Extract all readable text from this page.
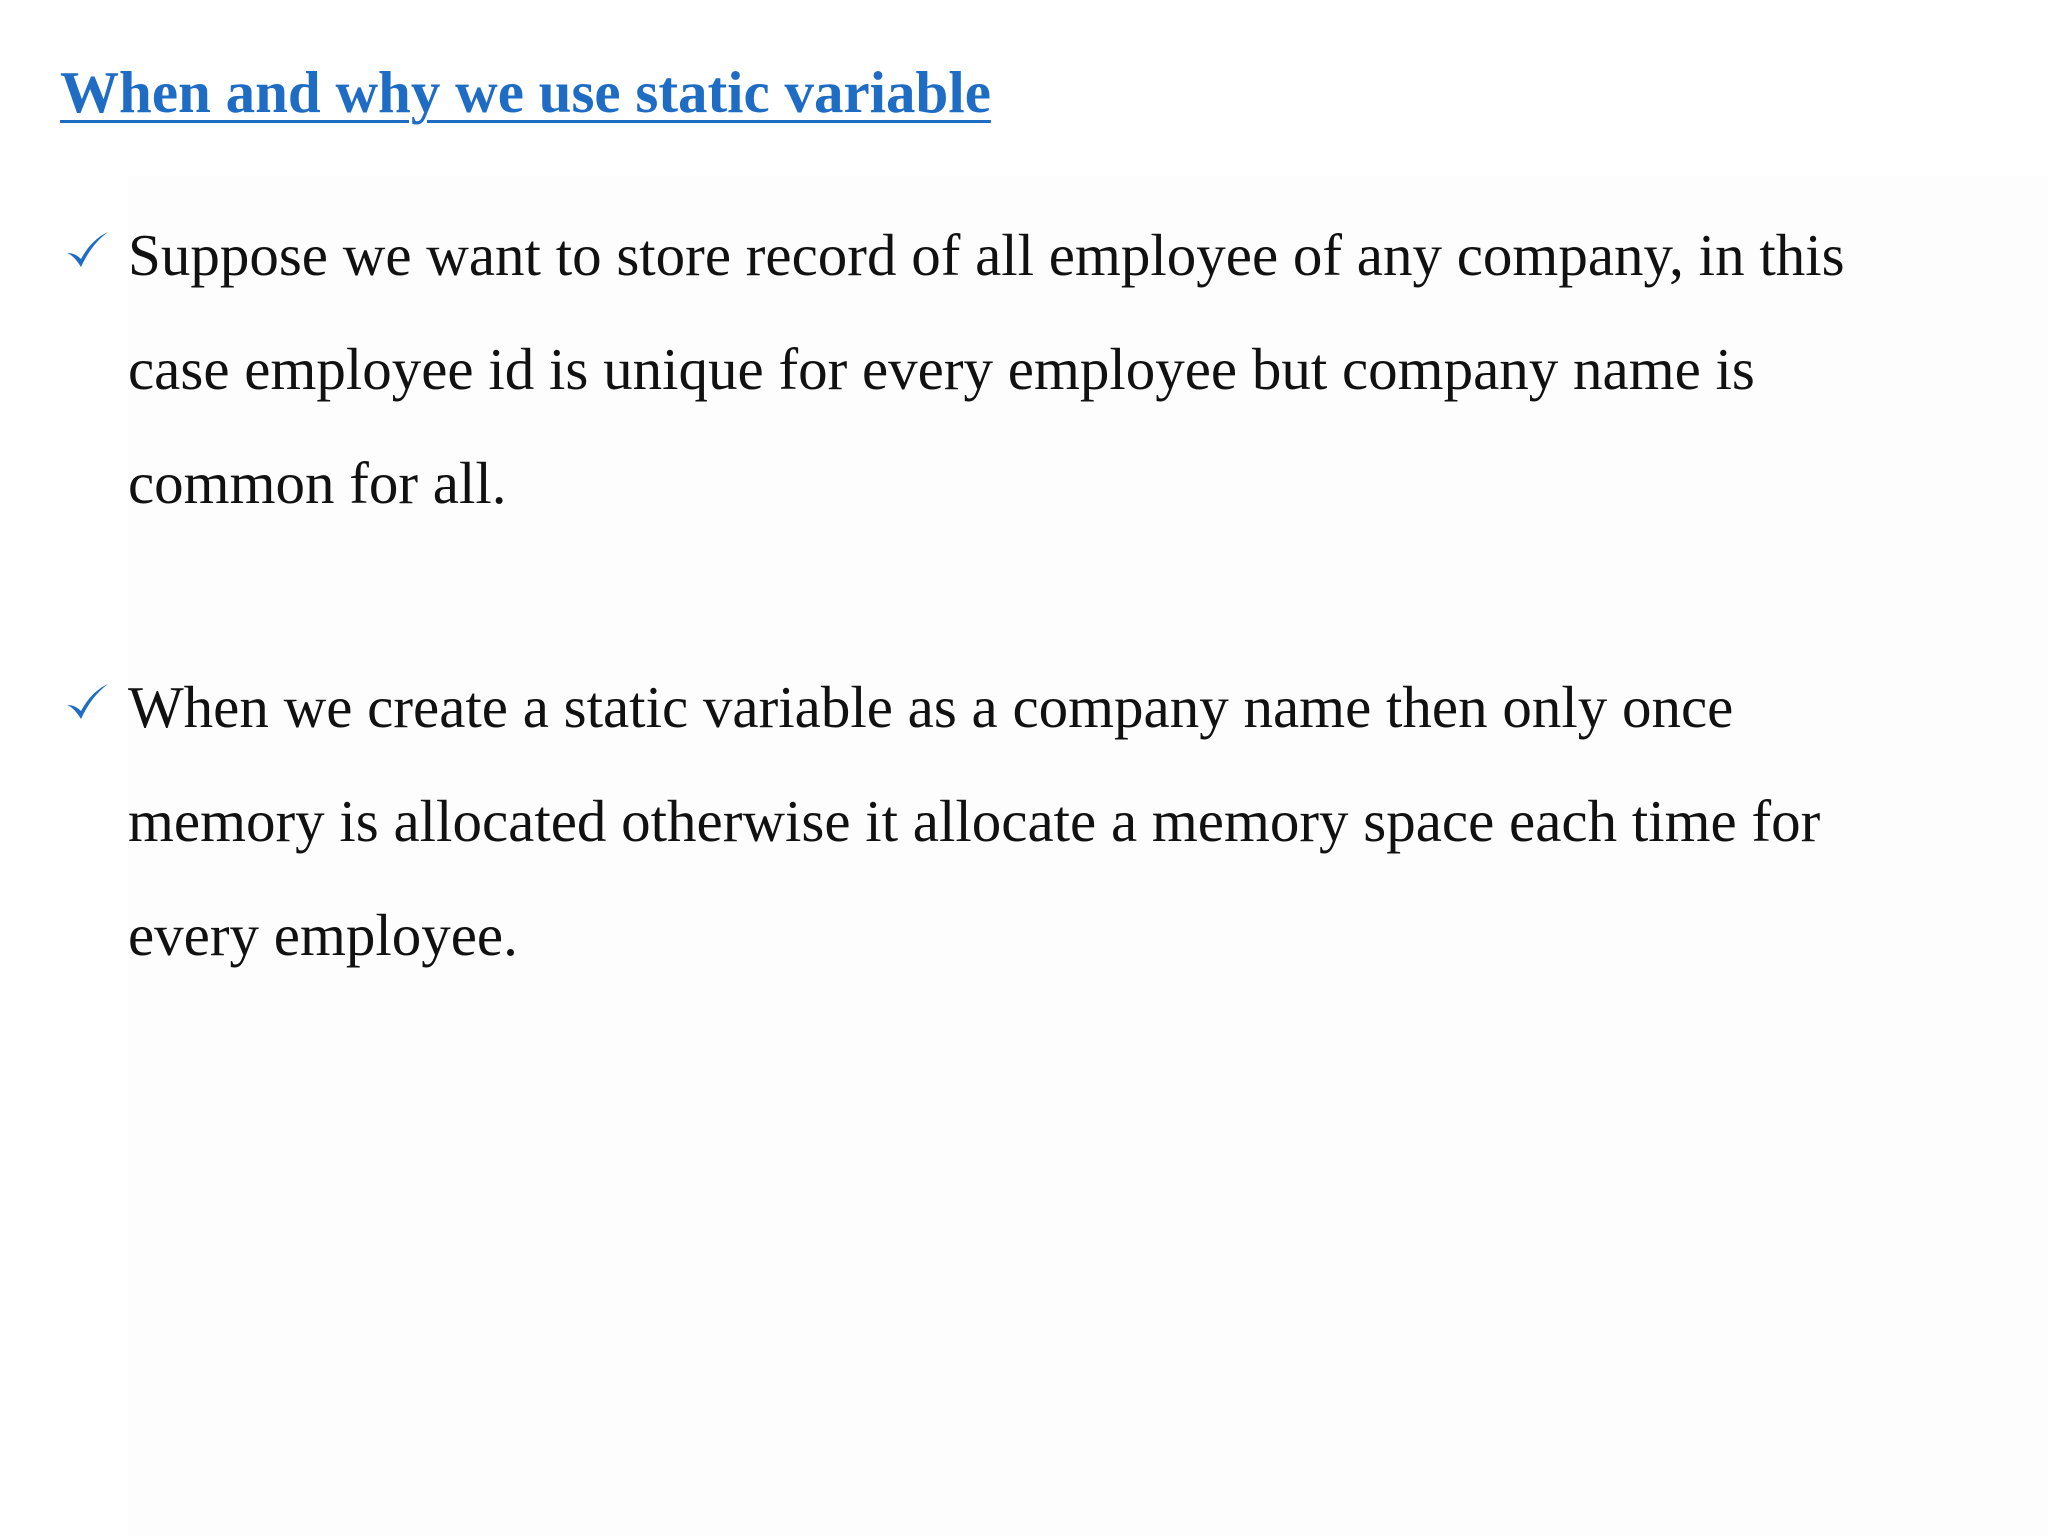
When and why we use static variable

Suppose we want to store record of all employee of any company, in this
case employee id is unique for every employee but company name is
common for all.

When we create a static variable as a company name then only once
memory is allocated otherwise it allocate a memory space each time for
every employee.
